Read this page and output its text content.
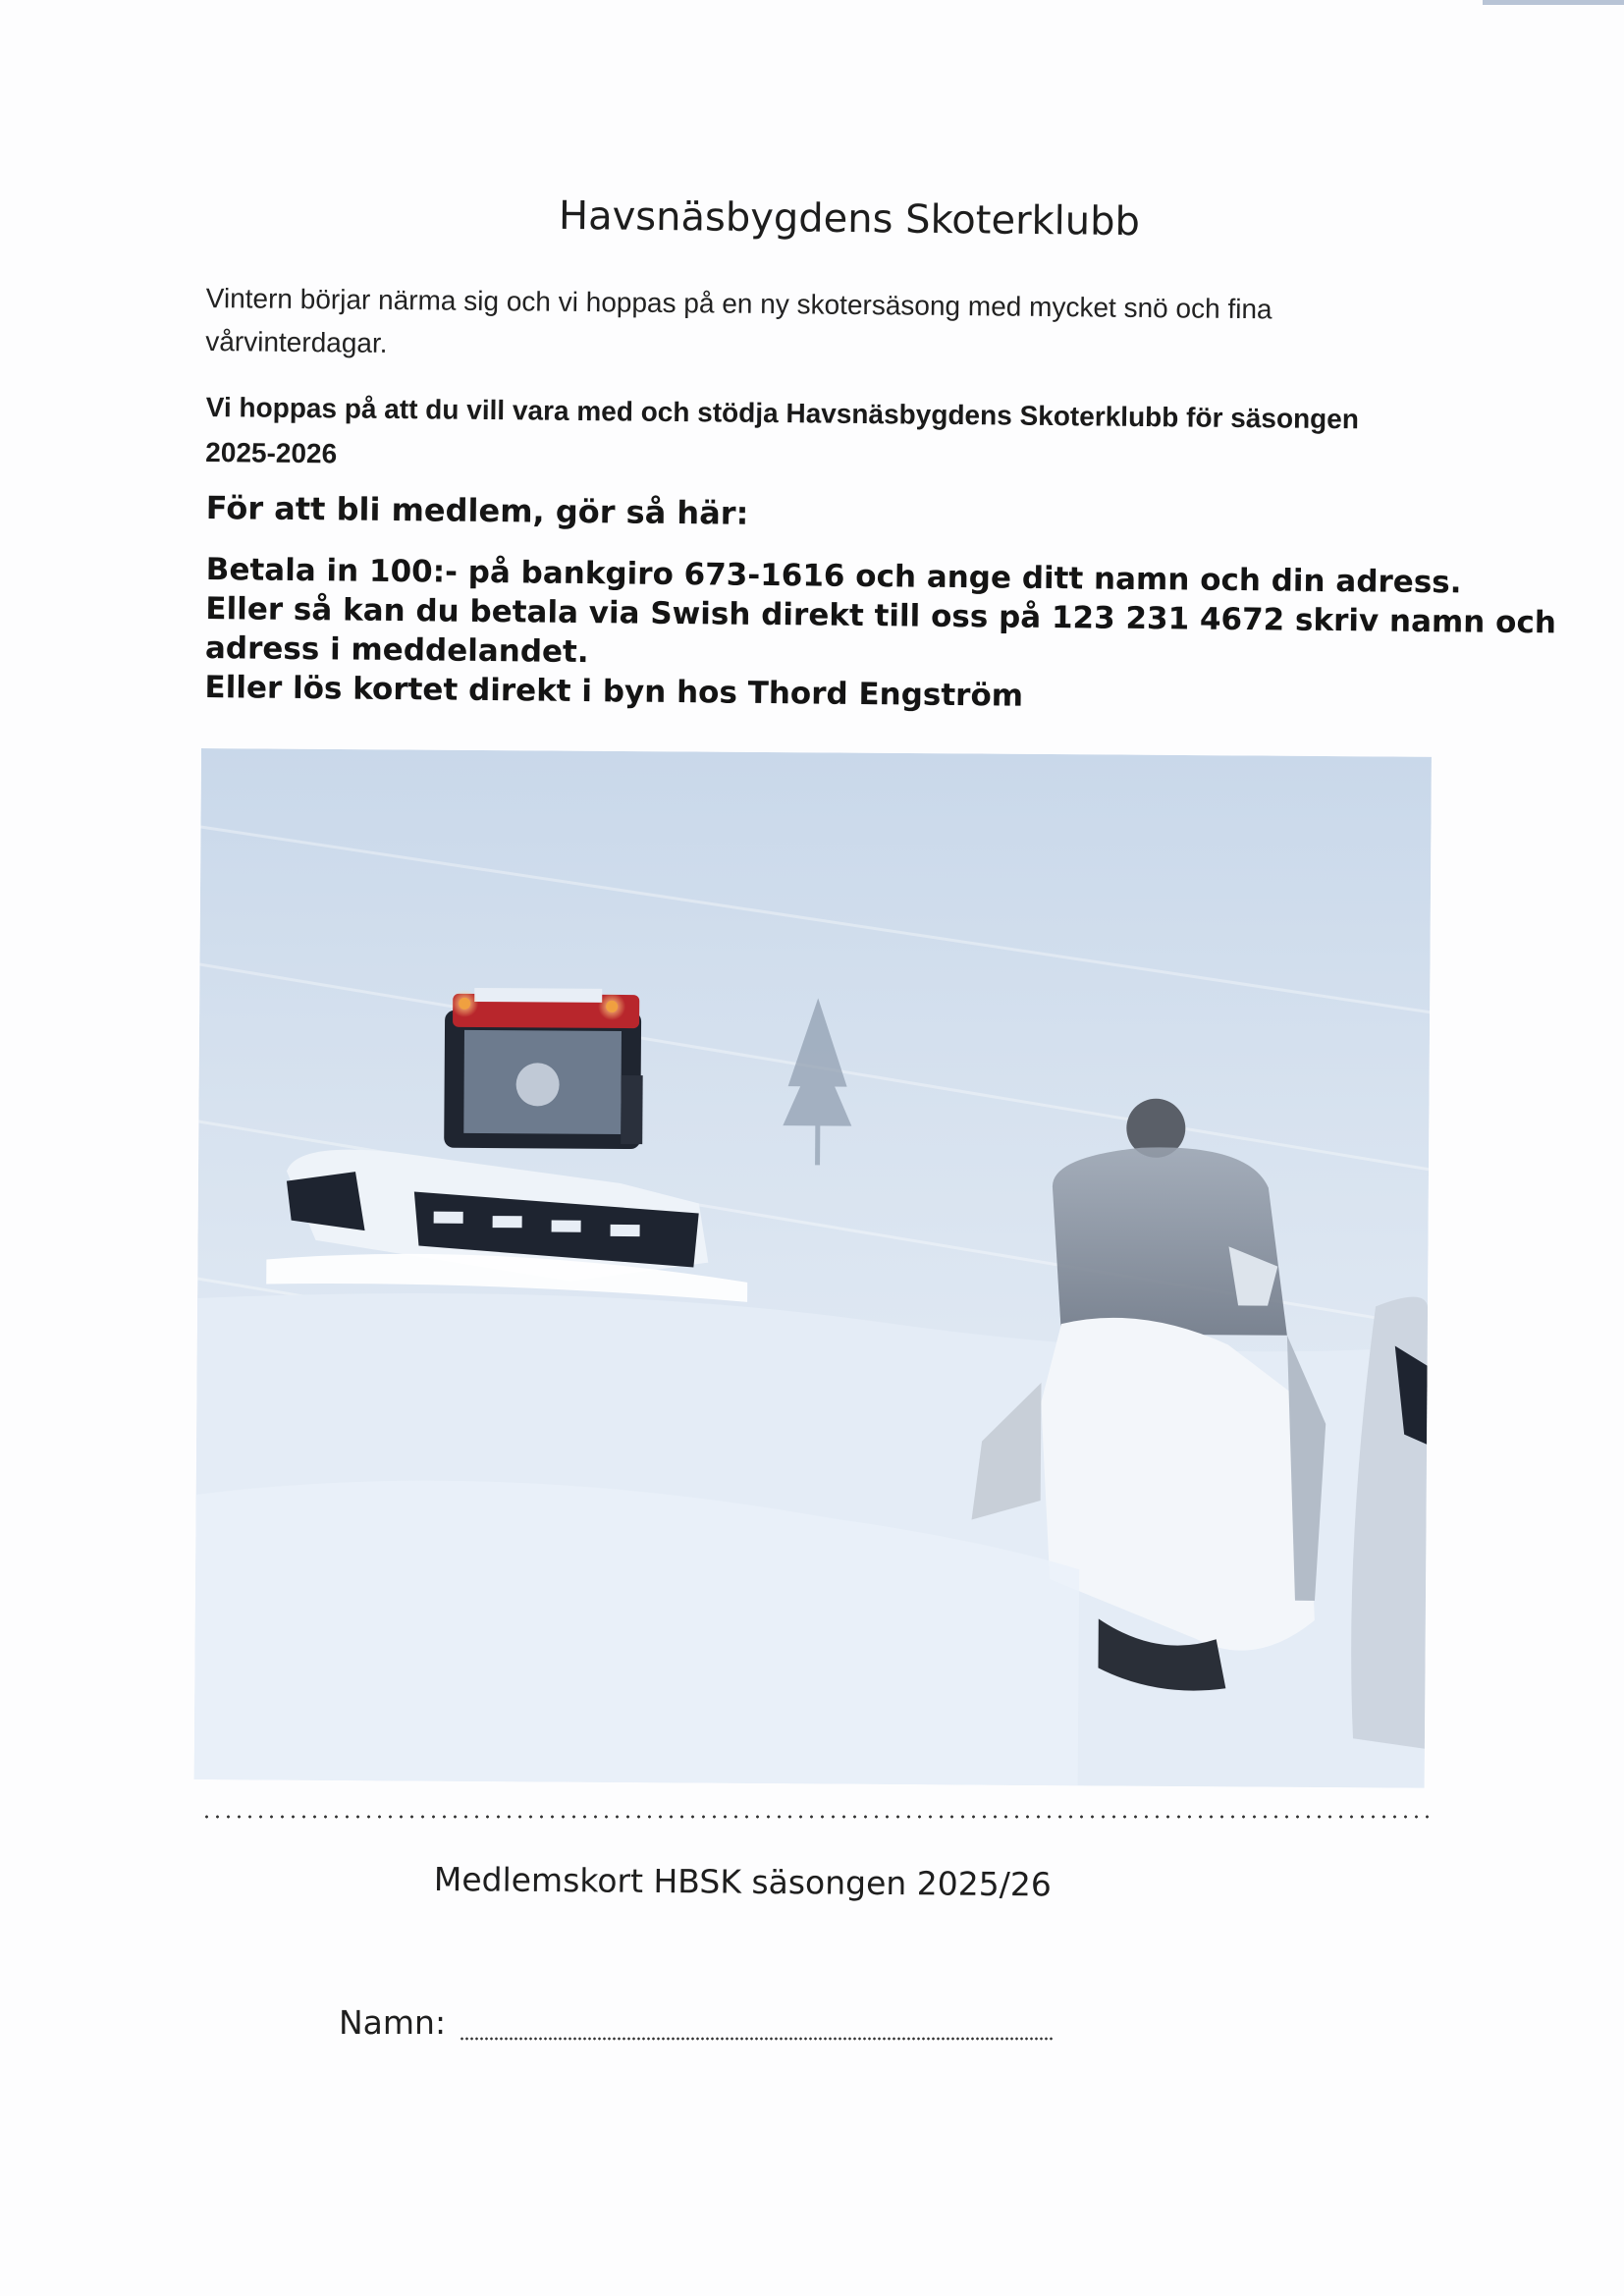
Havsnäsbygdens Skoterklubb
Vintern börjar närma sig och vi hoppas på en ny skotersäsong med mycket snö och fina
vårvinterdagar.
Vi hoppas på att du vill vara med och stödja Havsnäsbygdens Skoterklubb för säsongen
2025-2026
För att bli medlem, gör så här:
Betala in 100:- på bankgiro 673-1616 och ange ditt namn och din adress.
Eller så kan du betala via Swish direkt till oss på 123 231 4672 skriv namn och
adress i meddelandet.
Eller lös kortet direkt i byn hos Thord Engström
Medlemskort HBSK säsongen 2025/26
Namn:
